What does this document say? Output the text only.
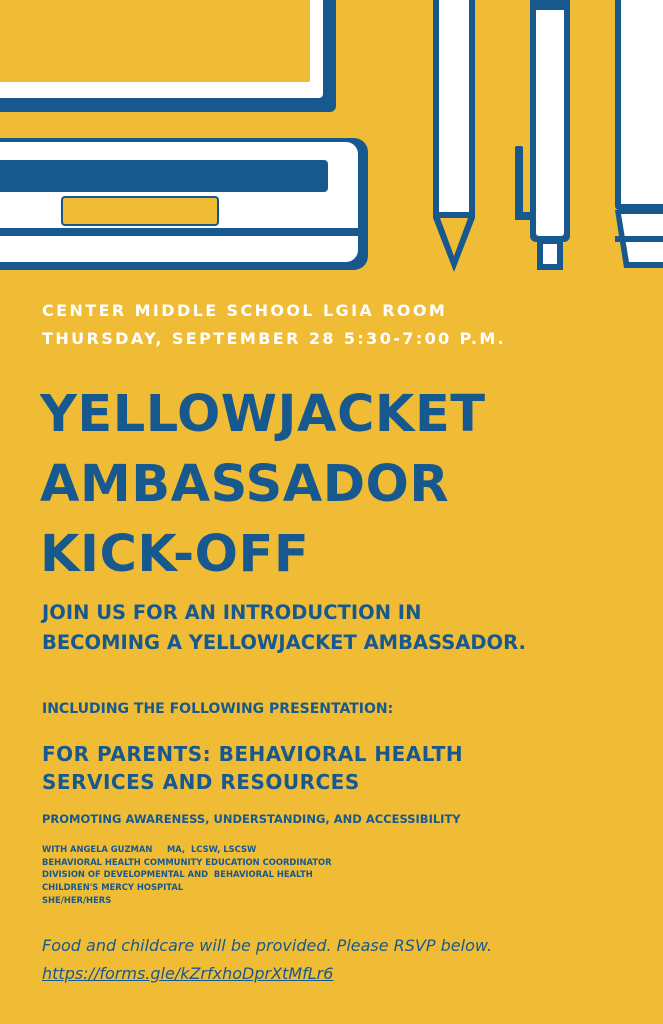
CENTER MIDDLE SCHOOL LGIA ROOM
THURSDAY, SEPTEMBER 28 5:30-7:00 P.M.
YELLOWJACKET
AMBASSADOR
KICK-OFF
JOIN US FOR AN INTRODUCTION IN
BECOMING A YELLOWJACKET AMBASSADOR.
INCLUDING THE FOLLOWING PRESENTATION:
FOR PARENTS: BEHAVIORAL HEALTH
SERVICES AND RESOURCES
PROMOTING AWARENESS, UNDERSTANDING, AND ACCESSIBILITY
WITH ANGELA GUZMAN     MA,  LCSW, LSCSW
BEHAVIORAL HEALTH COMMUNITY EDUCATION COORDINATOR
DIVISION OF DEVELOPMENTAL AND  BEHAVIORAL HEALTH
CHILDREN'S MERCY HOSPITAL
SHE/HER/HERS
Food and childcare will be provided. Please RSVP below.
https://forms.gle/kZrfxhoDprXtMfLr6
